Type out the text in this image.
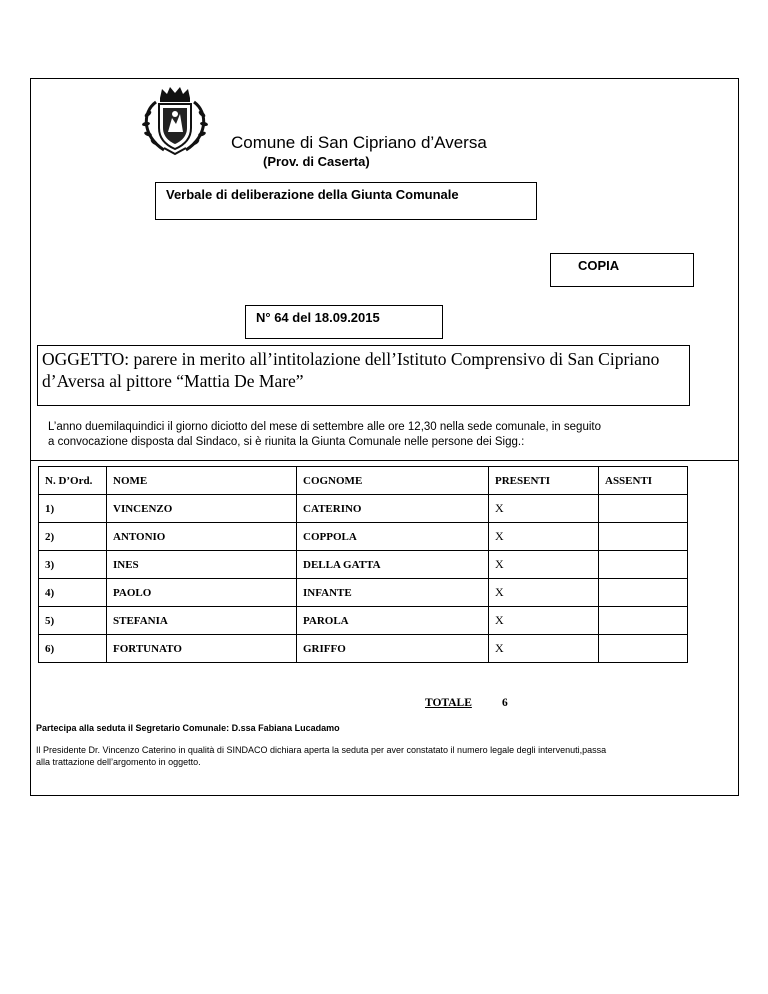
Comune di San Cipriano d’Aversa
(Prov. di Caserta)
Verbale di deliberazione della Giunta Comunale
COPIA
N° 64 del 18.09.2015
OGGETTO: parere in merito all’intitolazione dell’Istituto Comprensivo di San Cipriano d’Aversa al pittore “Mattia De Mare”
L’anno duemilaquindici il giorno diciotto del mese di settembre alle ore 12,30 nella sede comunale, in seguito
a convocazione disposta dal Sindaco, si è riunita la Giunta Comunale nelle persone dei Sigg.:
N. D’Ord.	NOME	COGNOME	PRESENTI	ASSENTI
1)	VINCENZO	CATERINO	X	
2)	ANTONIO	COPPOLA	X	
3)	INES	DELLA GATTA	X	
4)	PAOLO	INFANTE	X	
5)	STEFANIA	PAROLA	X	
6)	FORTUNATO	GRIFFO	X	
TOTALE	6
Partecipa alla seduta il Segretario Comunale: D.ssa Fabiana Lucadamo
Il Presidente Dr. Vincenzo Caterino in qualità di SINDACO dichiara aperta la seduta per aver constatato il numero legale degli intervenuti,passa
alla trattazione dell’argomento in oggetto.
